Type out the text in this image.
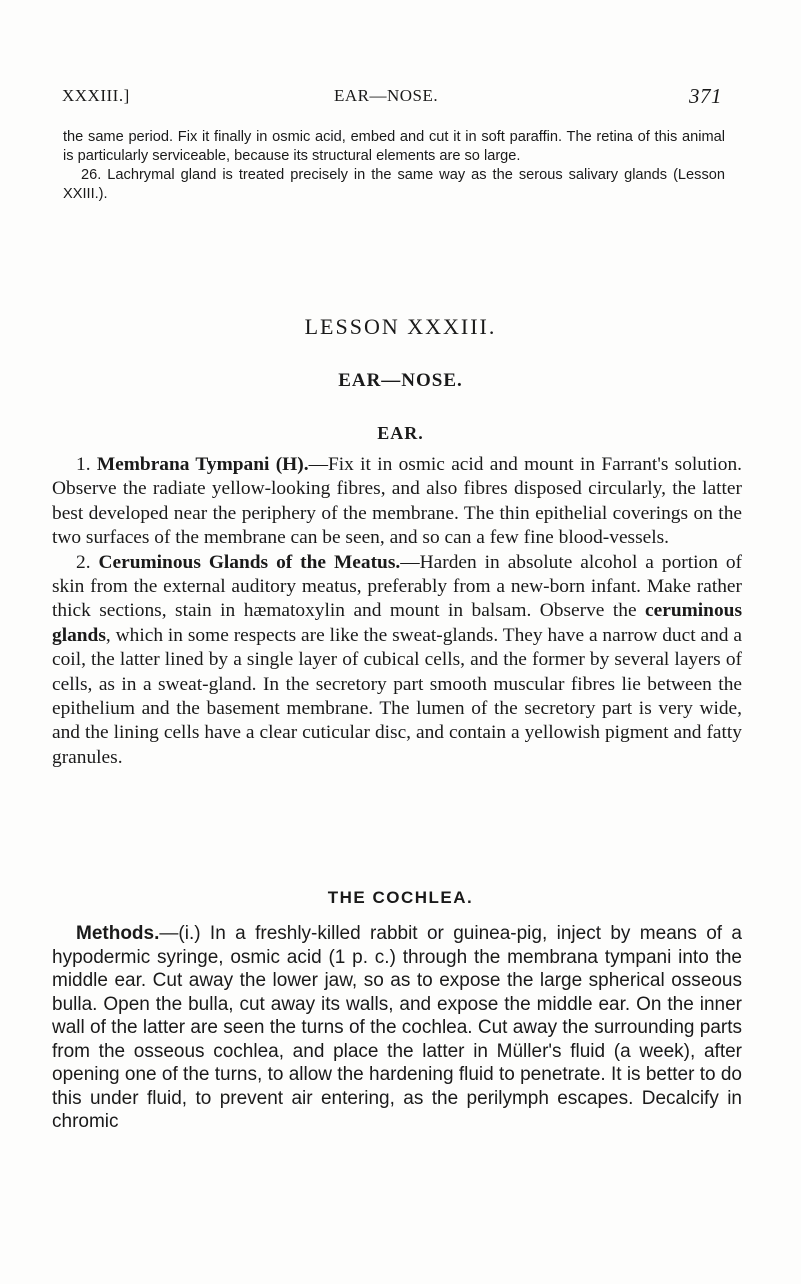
XXXIII.]	EAR—NOSE.	371

the same period. Fix it finally in osmic acid, embed and cut it in soft paraffin. The retina of this animal is particularly serviceable, because its structural elements are so large.

26. Lachrymal gland is treated precisely in the same way as the serous salivary glands (Lesson XXIII.).

LESSON XXXIII.
EAR—NOSE.
EAR.

1. Membrana Tympani (H).—Fix it in osmic acid and mount in Farrant's solution. Observe the radiate yellow-looking fibres, and also fibres disposed circularly, the latter best developed near the periphery of the membrane. The thin epithelial coverings on the two surfaces of the membrane can be seen, and so can a few fine blood-vessels.

2. Ceruminous Glands of the Meatus.—Harden in absolute alcohol a portion of skin from the external auditory meatus, preferably from a new-born infant. Make rather thick sections, stain in hæmatoxylin and mount in balsam. Observe the ceruminous glands, which in some respects are like the sweat-glands. They have a narrow duct and a coil, the latter lined by a single layer of cubical cells, and the former by several layers of cells, as in a sweat-gland. In the secretory part smooth muscular fibres lie between the epithelium and the basement membrane. The lumen of the secretory part is very wide, and the lining cells have a clear cuticular disc, and contain a yellowish pigment and fatty granules.

THE COCHLEA.

Methods.—(i.) In a freshly-killed rabbit or guinea-pig, inject by means of a hypodermic syringe, osmic acid (1 p. c.) through the membrana tympani into the middle ear. Cut away the lower jaw, so as to expose the large spherical osseous bulla. Open the bulla, cut away its walls, and expose the middle ear. On the inner wall of the latter are seen the turns of the cochlea. Cut away the surrounding parts from the osseous cochlea, and place the latter in Müller's fluid (a week), after opening one of the turns, to allow the hardening fluid to penetrate. It is better to do this under fluid, to prevent air entering, as the perilymph escapes. Decalcify in chromic
